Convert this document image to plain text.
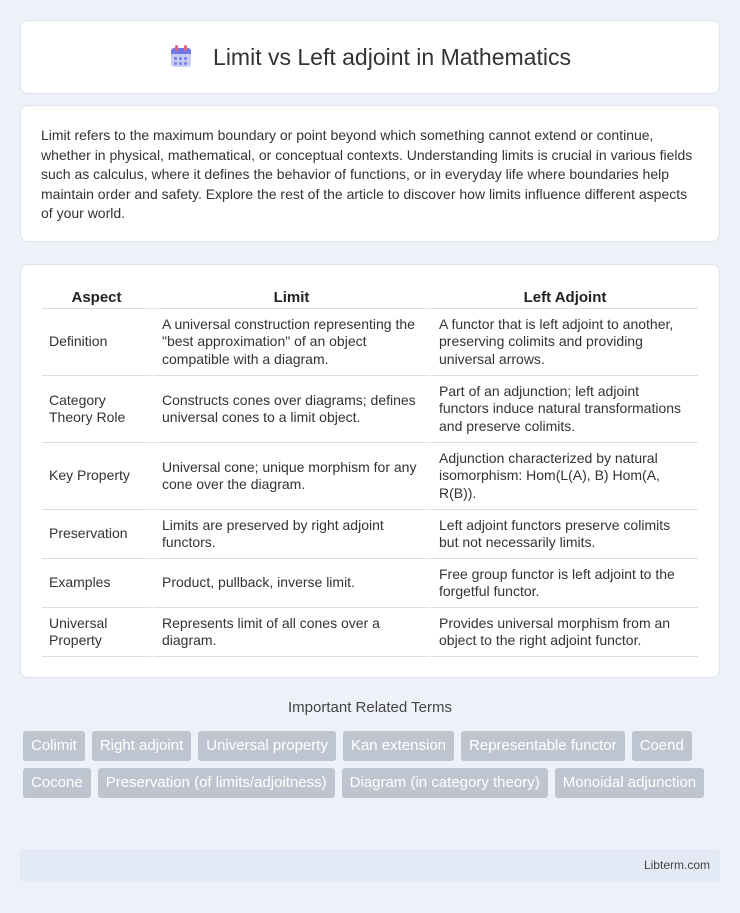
Limit vs Left adjoint in Mathematics

Limit refers to the maximum boundary or point beyond which something cannot extend or continue, whether in physical, mathematical, or conceptual contexts. Understanding limits is crucial in various fields such as calculus, where it defines the behavior of functions, or in everyday life where boundaries help maintain order and safety. Explore the rest of the article to discover how limits influence different aspects of your world.

Aspect	Limit	Left Adjoint
Definition	A universal construction representing the "best approximation" of an object compatible with a diagram.	A functor that is left adjoint to another, preserving colimits and providing universal arrows.
Category Theory Role	Constructs cones over diagrams; defines universal cones to a limit object.	Part of an adjunction; left adjoint functors induce natural transformations and preserve colimits.
Key Property	Universal cone; unique morphism for any cone over the diagram.	Adjunction characterized by natural isomorphism: Hom(L(A), B) Hom(A, R(B)).
Preservation	Limits are preserved by right adjoint functors.	Left adjoint functors preserve colimits but not necessarily limits.
Examples	Product, pullback, inverse limit.	Free group functor is left adjoint to the forgetful functor.
Universal Property	Represents limit of all cones over a diagram.	Provides universal morphism from an object to the right adjoint functor.
Important Related Terms
Colimit	Right adjoint	Universal property	Kan extension	Representable functor	Coend
Cocone	Preservation (of limits/adjoitness)	Diagram (in category theory)	Monoidal adjunction
Libterm.com
